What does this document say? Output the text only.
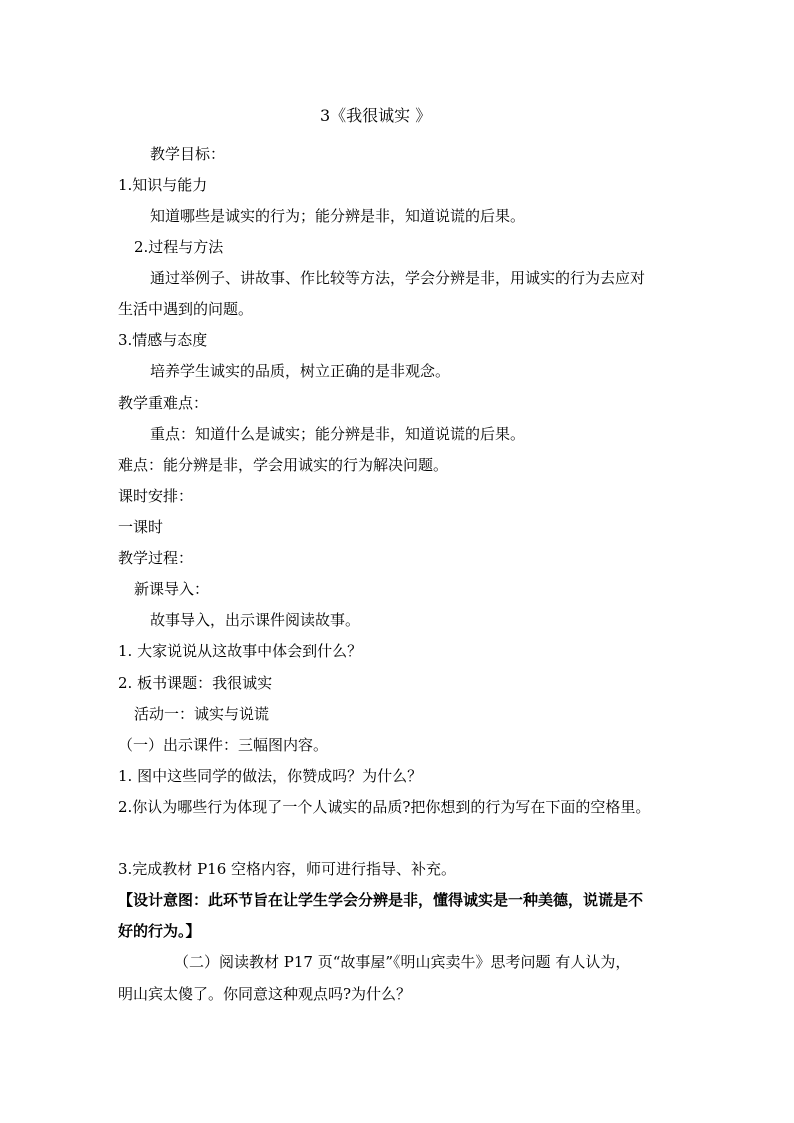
3《我很诚实 》
教学目标：
1.知识与能力
知道哪些是诚实的行为；能分辨是非，知道说谎的后果。
2.过程与方法
通过举例子、讲故事、作比较等方法，学会分辨是非，用诚实的行为去应对
生活中遇到的问题。
3.情感与态度
培养学生诚实的品质，树立正确的是非观念。
教学重难点：
重点：知道什么是诚实；能分辨是非，知道说谎的后果。
难点：能分辨是非，学会用诚实的行为解决问题。
课时安排：
一课时
教学过程：
新课导入：
故事导入，出示课件阅读故事。
1. 大家说说从这故事中体会到什么？
2. 板书课题：我很诚实
活动一：诚实与说谎
（一）出示课件：三幅图内容。
1. 图中这些同学的做法，你赞成吗？为什么？
2.你认为哪些行为体现了一个人诚实的品质?把你想到的行为写在下面的空格里。
3.完成教材 P16 空格内容，师可进行指导、补充。
【设计意图：此环节旨在让学生学会分辨是非，懂得诚实是一种美德，说谎是不
好的行为。】
（二）阅读教材 P17 页“故事屋”《明山宾卖牛》思考问题 有人认为，
明山宾太傻了。你同意这种观点吗?为什么？
